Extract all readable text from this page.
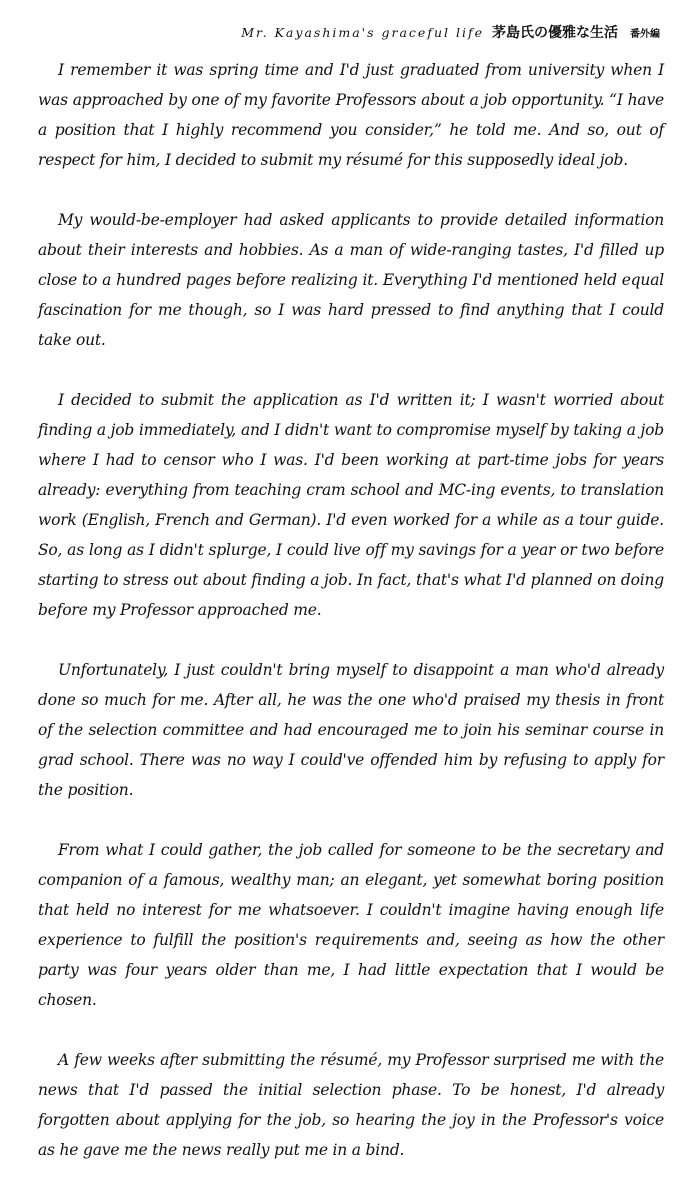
Mr. Kayashima's graceful life 茅島氏の優雅な生活 番外編

I remember it was spring time and I'd just graduated from university when I was approached by one of my favorite Professors about a job opportunity. “I have a position that I highly recommend you consider,” he told me. And so, out of respect for him, I decided to submit my résumé for this supposedly ideal job.

My would-be-employer had asked applicants to provide detailed information about their interests and hobbies. As a man of wide-ranging tastes, I'd filled up close to a hundred pages before realizing it. Everything I'd mentioned held equal fascination for me though, so I was hard pressed to find anything that I could take out.

I decided to submit the application as I'd written it; I wasn't worried about finding a job immediately, and I didn't want to compromise myself by taking a job where I had to censor who I was. I'd been working at part-time jobs for years already: everything from teaching cram school and MC-ing events, to translation work (English, French and German). I'd even worked for a while as a tour guide. So, as long as I didn't splurge, I could live off my savings for a year or two before starting to stress out about finding a job. In fact, that's what I'd planned on doing before my Professor approached me.

Unfortunately, I just couldn't bring myself to disappoint a man who'd already done so much for me. After all, he was the one who'd praised my thesis in front of the selection committee and had encouraged me to join his seminar course in grad school. There was no way I could've offended him by refusing to apply for the position.

From what I could gather, the job called for someone to be the secretary and companion of a famous, wealthy man; an elegant, yet somewhat boring position that held no interest for me whatsoever. I couldn't imagine having enough life experience to fulfill the position's requirements and, seeing as how the other party was four years older than me, I had little expectation that I would be chosen.

A few weeks after submitting the résumé, my Professor surprised me with the news that I'd passed the initial selection phase. To be honest, I'd already forgotten about applying for the job, so hearing the joy in the Professor's voice as he gave me the news really put me in a bind.
